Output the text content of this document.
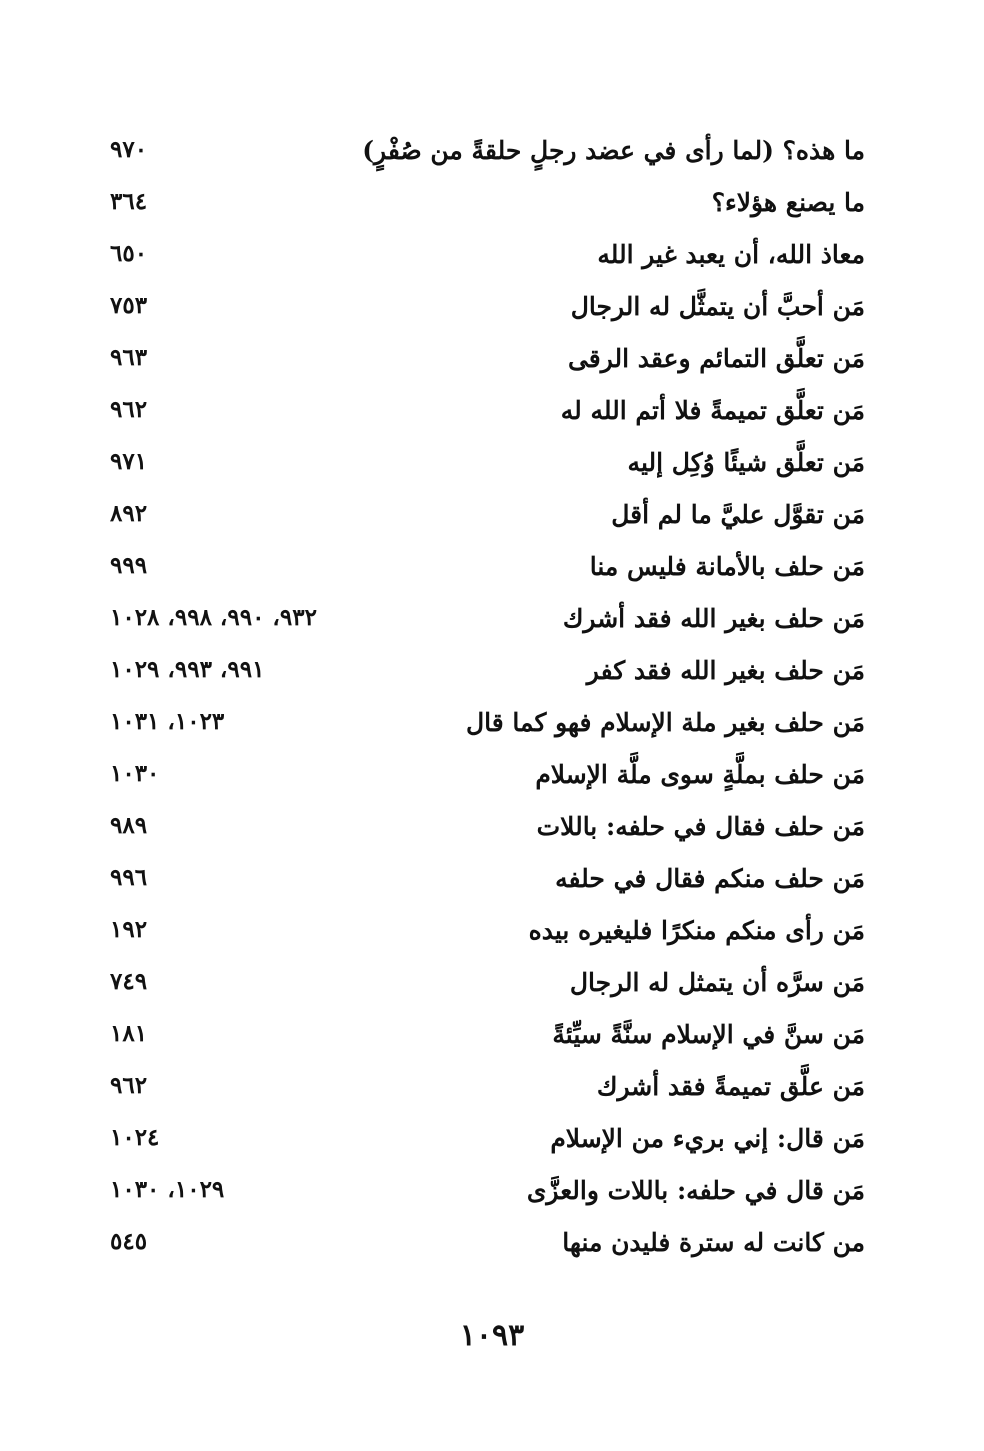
ما هذه؟ (لما رأى في عضد رجلٍ حلقةً من صُفْرٍ)
٩٧٠
ما يصنع هؤلاء؟
٣٦٤
معاذ الله، أن يعبد غير الله
٦٥٠
مَن أحبَّ أن يتمثَّل له الرجال
٧٥٣
مَن تعلَّق التمائم وعقد الرقى
٩٦٣
مَن تعلَّق تميمةً فلا أتم الله له
٩٦٢
مَن تعلَّق شيئًا وُكِل إليه
٩٧١
مَن تقوَّل عليَّ ما لم أقل
٨٩٢
مَن حلف بالأمانة فليس منا
٩٩٩
مَن حلف بغير الله فقد أشرك
٩٣٢، ٩٩٠، ٩٩٨، ١٠٢٨
مَن حلف بغير الله فقد كفر
٩٩١، ٩٩٣، ١٠٢٩
مَن حلف بغير ملة الإسلام فهو كما قال
١٠٢٣، ١٠٣١
مَن حلف بملَّةٍ سوى ملَّة الإسلام
١٠٣٠
مَن حلف فقال في حلفه: باللات
٩٨٩
مَن حلف منكم فقال في حلفه
٩٩٦
مَن رأى منكم منكرًا فليغيره بيده
١٩٢
مَن سرَّه أن يتمثل له الرجال
٧٤٩
مَن سنَّ في الإسلام سنَّةً سيِّئةً
١٨١
مَن علَّق تميمةً فقد أشرك
٩٦٢
مَن قال: إني بريء من الإسلام
١٠٢٤
مَن قال في حلفه: باللات والعزَّى
١٠٢٩، ١٠٣٠
من كانت له سترة فليدن منها
٥٤٥
١٠٩٣
